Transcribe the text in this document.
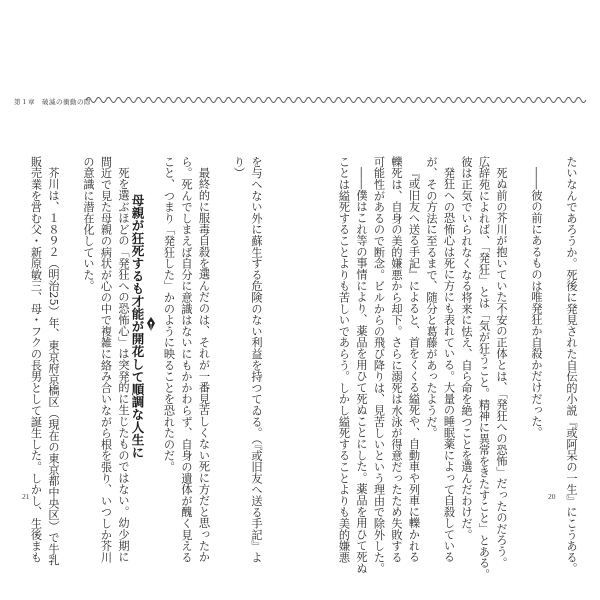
第１章　破滅の衝動の際
たいなんであろうか。死後に発見された自伝的小説『或阿呆の一生』にこうある。
――彼の前にあるものは唯発狂か自殺かだけだった。
死ぬ前の芥川が抱いていた不安の正体とは、「発狂への恐怖」だったのだろう。
広辞苑によれば、「発狂」とは「気が狂うこと。精神に異常をきたすこと」とある。
彼は正気でいられなくなる将来に怯え、自ら命を絶つことを選んだわけだ。
発狂への恐怖心は死に方にも表れている。大量の睡眠薬によって自殺している
が、その方法に至るまで、随分と葛藤があったようだ。
『或旧友へ送る手記』によると、首をくくる縊死や、自動車や列車に轢かれる
轢死は、自身の美的嫌悪から却下。さらに溺死は水泳が得意だったため失敗する
可能性があるので断念。ビルからの飛び降りは、見苦しいという理由で除外した。
――僕はこれ等の事情により、薬品を用ひて死ぬことにした。薬品を用ひて死ぬ
ことは縊死することよりも苦しいであらう。しかし縊死することよりも美的嫌悪
を与へない外に蘇生する危険のない利益を持つてゐる。（『或旧友へ送る手記』よ
り）
最終的に服毒自殺を選んだのは、それが一番見苦しくない死に方だと思ったか
ら。死んでしまえば自分に意識はないにもかかわらず、自身の遺体が醜く見える
こと、つまり「発狂した」かのように映ることを恐れたのだ。
母親が狂死するも才能が開花して順調な人生に
死を選ぶほどの「発狂への恐怖心」は突発的に生じたものではない。幼少期に
間近で見た母親の病状が心の中で複雑に絡み合いながら根を張り、いつしか芥川
の意識に潜在化していた。
芥川は、１８９２（明治25）年、東京府京橋区（現在の東京都中央区）で牛乳
販売業を営む父・新原敏三、母・フクの長男として誕生した。しかし、生後まも
21	20
